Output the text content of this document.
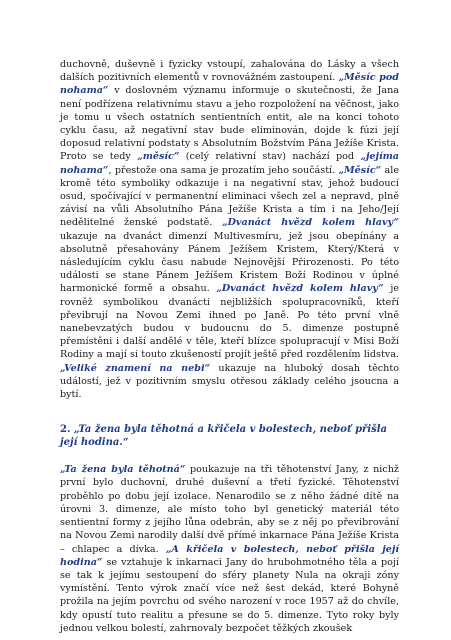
duchovně, duševně i fyzicky vstoupí, zahalována do Lásky a všech dalších pozitivních elementů v rovnovážném zastoupení. „Měsíc pod nohama“ v doslovném významu informuje o skutečnosti, že Jana není podřízena relativnímu stavu a jeho rozpoložení na věčnost, jako je tomu u všech ostatních sentientních entit, ale na konci tohoto cyklu času, až negativní stav bude eliminován, dojde k fúzi její doposud relativní podstaty s Absolutním Božstvím Pána Ježíše Krista. Proto se tedy „měsíc“ (celý relativní stav) nachází pod „jejíma nohama“, přestože ona sama je prozatím jeho součástí. „Měsíc“ ale kromě této symboliky odkazuje i na negativní stav, jehož budoucí osud, spočívající v permanentní eliminaci všech zel a nepravd, plně závisí na vůli Absolutního Pána Ježíše Krista a tím i na Jeho/Její nedělitelné ženské podstatě. „Dvanáct hvězd kolem hlavy“ ukazuje na dvanáct dimenzí Multivesmíru, jež jsou obepínány a absolutně přesahovány Pánem Ježíšem Kristem, Který/Která v následujícím cyklu času nabude Nejnovější Přirozenosti. Po této události se stane Pánem Ježíšem Kristem Boží Rodinou v úplné harmonické formě a obsahu. „Dvanáct hvězd kolem hlavy“ je rovněž symbolikou dvanácti nejbližších spolupracovníků, kteří převibrují na Novou Zemi ihned po Janě. Po této první vlně nanebevzatých budou v budoucnu do 5. dimenze postupně přemístěni i další andělé v těle, kteří blízce spolupracují v Misi Boží Rodiny a mají si touto zkušeností projít ještě před rozdělením lidstva. „Veliké znamení na nebi“ ukazuje na hluboký dosah těchto událostí, jež v pozitivním smyslu otřesou základy celého jsoucna a bytí.

2. „Ta žena byla těhotná a křičela v bolestech, neboť přišla její hodina.“

„Ta žena byla těhotná“ poukazuje na tři těhotenství Jany, z nichž první bylo duchovní, druhé duševní a třetí fyzické. Těhotenství proběhlo po dobu její izolace. Nenarodilo se z něho žádné dítě na úrovni 3. dimenze, ale místo toho byl genetický materiál této sentientní formy z jejího lůna odebrán, aby se z něj po převibrování na Novou Zemi narodily další dvě přímé inkarnace Pána Ježíše Krista – chlapec a dívka. „A křičela v bolestech, neboť přišla její hodina“ se vztahuje k inkarnaci Jany do hrubohmotného těla a pojí se tak k jejímu sestoupení do sféry planety Nula na okraji zóny vymístění. Tento výrok značí více než šest dekád, které Bohyně prožila na jejím povrchu od svého narození v roce 1957 až do chvíle, kdy opustí tuto realitu a přesune se do 5. dimenze. Tyto roky byly jednou velkou bolestí, zahrnovaly bezpočet těžkých zkoušek
